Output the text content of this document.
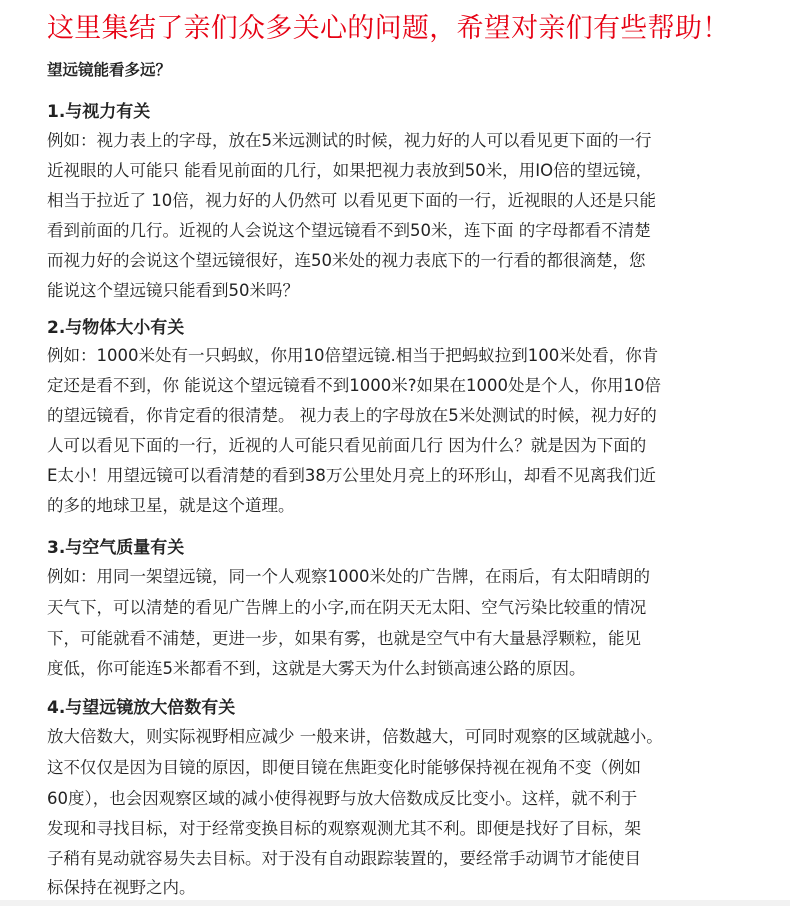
这里集结了亲们众多关心的问题，希望对亲们有些帮助！
望远镜能看多远？
1.与视力有关
例如：视力表上的字母，放在5米远测试的时候，视力好的人可以看见更下面的一行
近视眼的人可能只 能看见前面的几行，如果把视力表放到50米，用IO倍的望远镜，
相当于拉近了 10倍，视力好的人仍然可 以看见更下面的一行，近视眼的人还是只能
看到前面的几行。近视的人会说这个望远镜看不到50米，连下面 的字母都看不清楚
而视力好的会说这个望远镜很好，连50米处的视力表底下的一行看的都很滴楚，您
能说这个望远镜只能看到50米吗？
2.与物体大小有关
例如：1000米处有一只蚂蚁，你用10倍望远镜.相当于把蚂蚁拉到100米处看，你肯
定还是看不到，你 能说这个望远镜看不到1000米?如果在1000处是个人，你用10倍
的望远镜看，你肯定看的很清楚。 视力表上的字母放在5米处测试的时候，视力好的
人可以看见下面的一行，近视的人可能只看见前面几行 因为什么？就是因为下面的
E太小！用望远镜可以看清楚的看到38万公里处月亮上的环形山，却看不见离我们近
的多的地球卫星，就是这个道理。
3.与空气质量有关
例如：用同一架望远镜，同一个人观察1000米处的广告牌，在雨后，有太阳晴朗的
天气下，可以清楚的看见广告牌上的小字,而在阴天无太阳、空气污染比较重的情况
下，可能就看不浦楚，更进一步，如果有雾，也就是空气中有大量悬浮颗粒，能见
度低，你可能连5米都看不到，这就是大雾天为什么封锁高速公路的原因。
4.与望远镜放大倍数有关
放大倍数大，则实际视野相应减少 一般来讲，倍数越大，可同时观察的区域就越小。
这不仅仅是因为目镜的原因，即便目镜在焦距变化时能够保持视在视角不变（例如
60度），也会因观察区域的减小使得视野与放大倍数成反比变小。这样，就不利于
发现和寻找目标，对于经常变换目标的观察观测尤其不利。即便是找好了目标，架
子稍有晃动就容易失去目标。对于没有自动跟踪装置的，要经常手动调节才能使目
标保持在视野之内。
